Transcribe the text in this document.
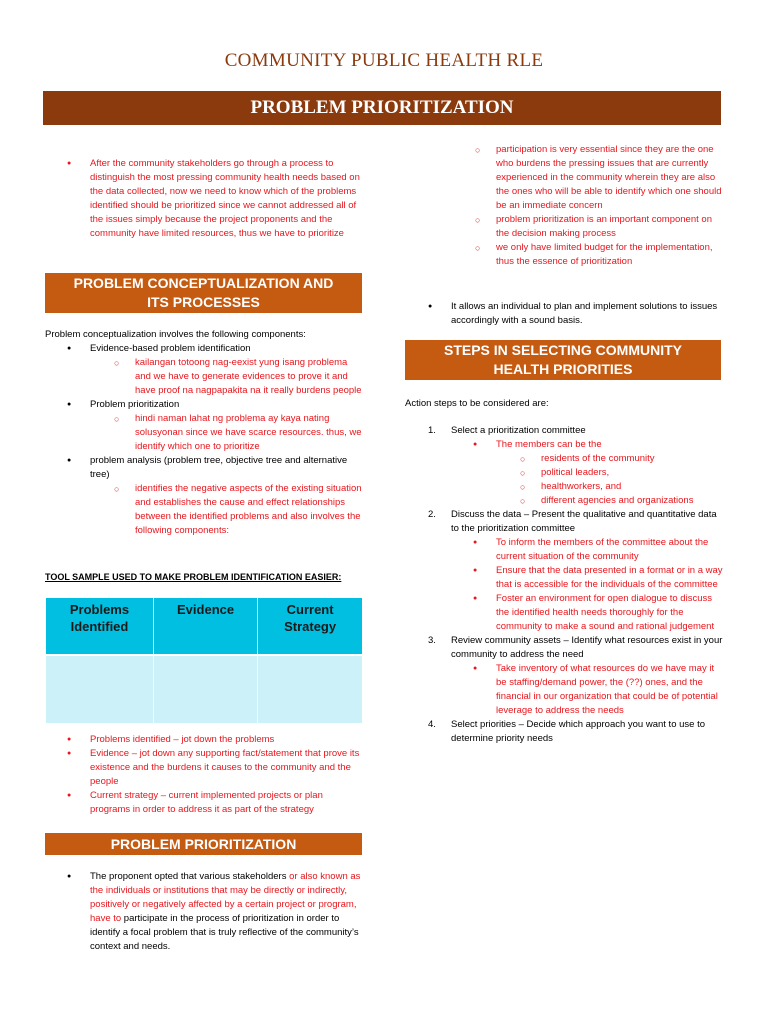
COMMUNITY PUBLIC HEALTH RLE
PROBLEM PRIORITIZATION
● After the community stakeholders go through a process to distinguish the most pressing community health needs based on the data collected, now we need to know which of the problems identified should be prioritized since we cannot addressed all of the issues simply because the project proponents and the community have limited resources, thus we have to prioritize
PROBLEM CONCEPTUALIZATION AND
ITS PROCESSES
Problem conceptualization involves the following components:
● Evidence-based problem identification
○ kailangan totoong nag-eexist yung isang problema and we have to generate evidences to prove it and have proof na nagpapakita na it really burdens people
● Problem prioritization
○ hindi naman lahat ng problema ay kaya nating solusyonan since we have scarce resources. thus, we identify which one to prioritize
● problem analysis (problem tree, objective tree and alternative tree)
○ identifies the negative aspects of the existing situation and establishes the cause and effect relationships between the identified problems and also involves the following components:
TOOL SAMPLE USED TO MAKE PROBLEM IDENTIFICATION EASIER:
Problems Identified	Evidence	Current Strategy

● Problems identified – jot down the problems
● Evidence – jot down any supporting fact/statement that prove its existence and the burdens it causes to the community and the people
● Current strategy – current implemented projects or plan programs in order to address it as part of the strategy
PROBLEM PRIORITIZATION
● The proponent opted that various stakeholders or also known as the individuals or institutions that may be directly or indirectly, positively or negatively affected by a certain project or program, have to participate in the process of prioritization in order to identify a focal problem that is truly reflective of the community’s context and needs.
○ participation is very essential since they are the one who burdens the pressing issues that are currently experienced in the community wherein they are also the ones who will be able to identify which one should be an immediate concern
○ problem prioritization is an important component on the decision making process
○ we only have limited budget for the implementation, thus the essence of prioritization
● It allows an individual to plan and implement solutions to issues accordingly with a sound basis.
STEPS IN SELECTING COMMUNITY
HEALTH PRIORITIES
Action steps to be considered are:
1. Select a prioritization committee
● The members can be the
○ residents of the community
○ political leaders,
○ healthworkers, and
○ different agencies and organizations
2. Discuss the data – Present the qualitative and quantitative data to the prioritization committee
● To inform the members of the committee about the current situation of the community
● Ensure that the data presented in a format or in a way that is accessible for the individuals of the committee
● Foster an environment for open dialogue to discuss the identified health needs thoroughly for the community to make a sound and rational judgement
3. Review community assets – Identify what resources exist in your community to address the need
● Take inventory of what resources do we have may it be staffing/demand power, the (??) ones, and the financial in our organization that could be of potential leverage to address the needs
4. Select priorities – Decide which approach you want to use to determine priority needs
